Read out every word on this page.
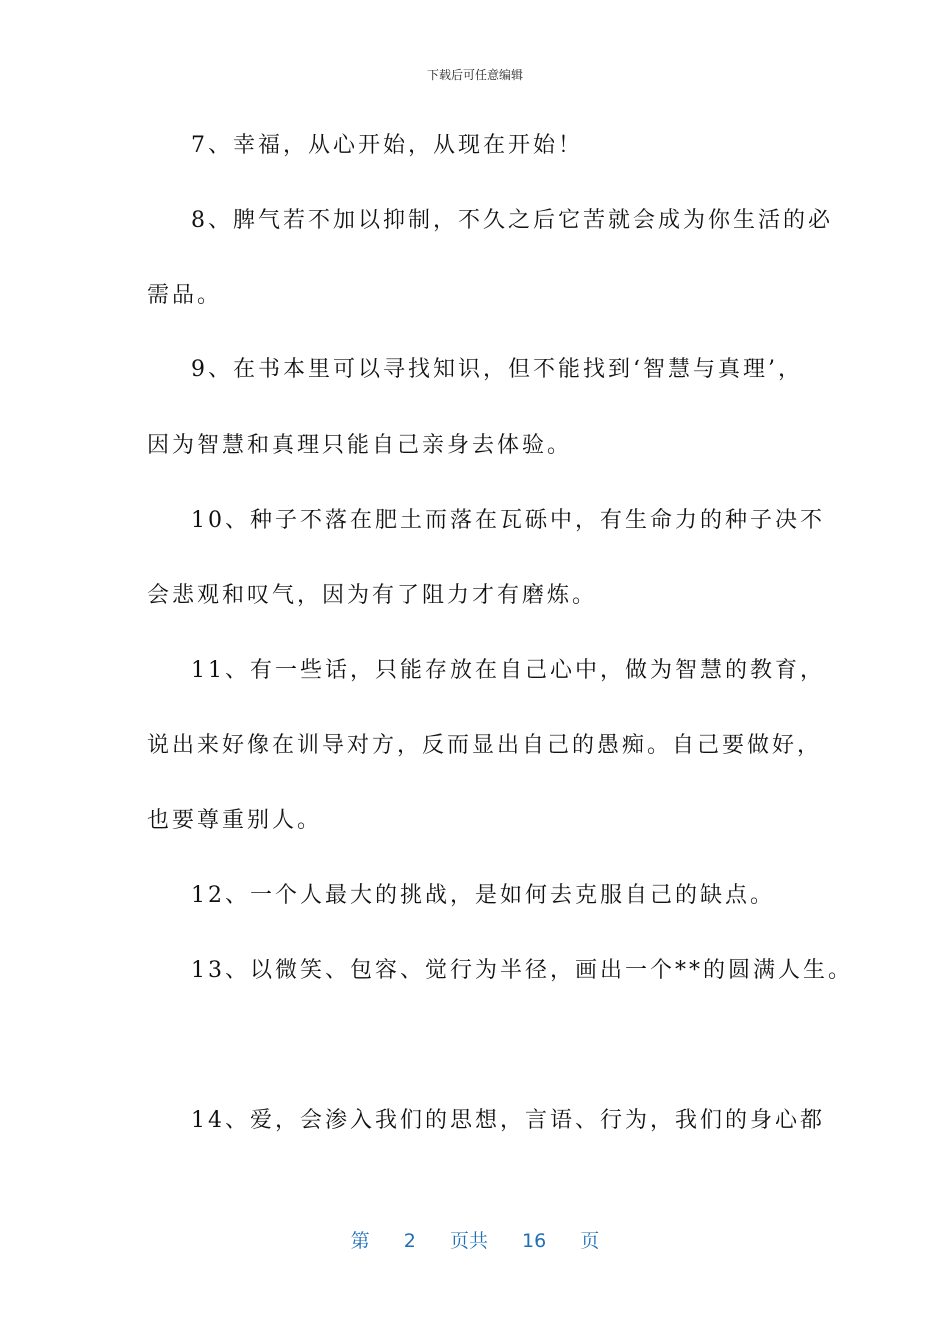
下载后可任意编辑
7、幸福，从心开始，从现在开始！
8、脾气若不加以抑制，不久之后它苦就会成为你生活的必
需品。
9、在书本里可以寻找知识，但不能找到‘智慧与真理’，
因为智慧和真理只能自己亲身去体验。
10、种子不落在肥土而落在瓦砾中，有生命力的种子决不
会悲观和叹气，因为有了阻力才有磨炼。
11、有一些话，只能存放在自己心中，做为智慧的教育，
说出来好像在训导对方，反而显出自己的愚痴。自己要做好，
也要尊重别人。
12、一个人最大的挑战，是如何去克服自己的缺点。
13、以微笑、包容、觉行为半径，画出一个**的圆满人生。
14、爱，会渗入我们的思想，言语、行为，我们的身心都
第 2 页共 16 页
